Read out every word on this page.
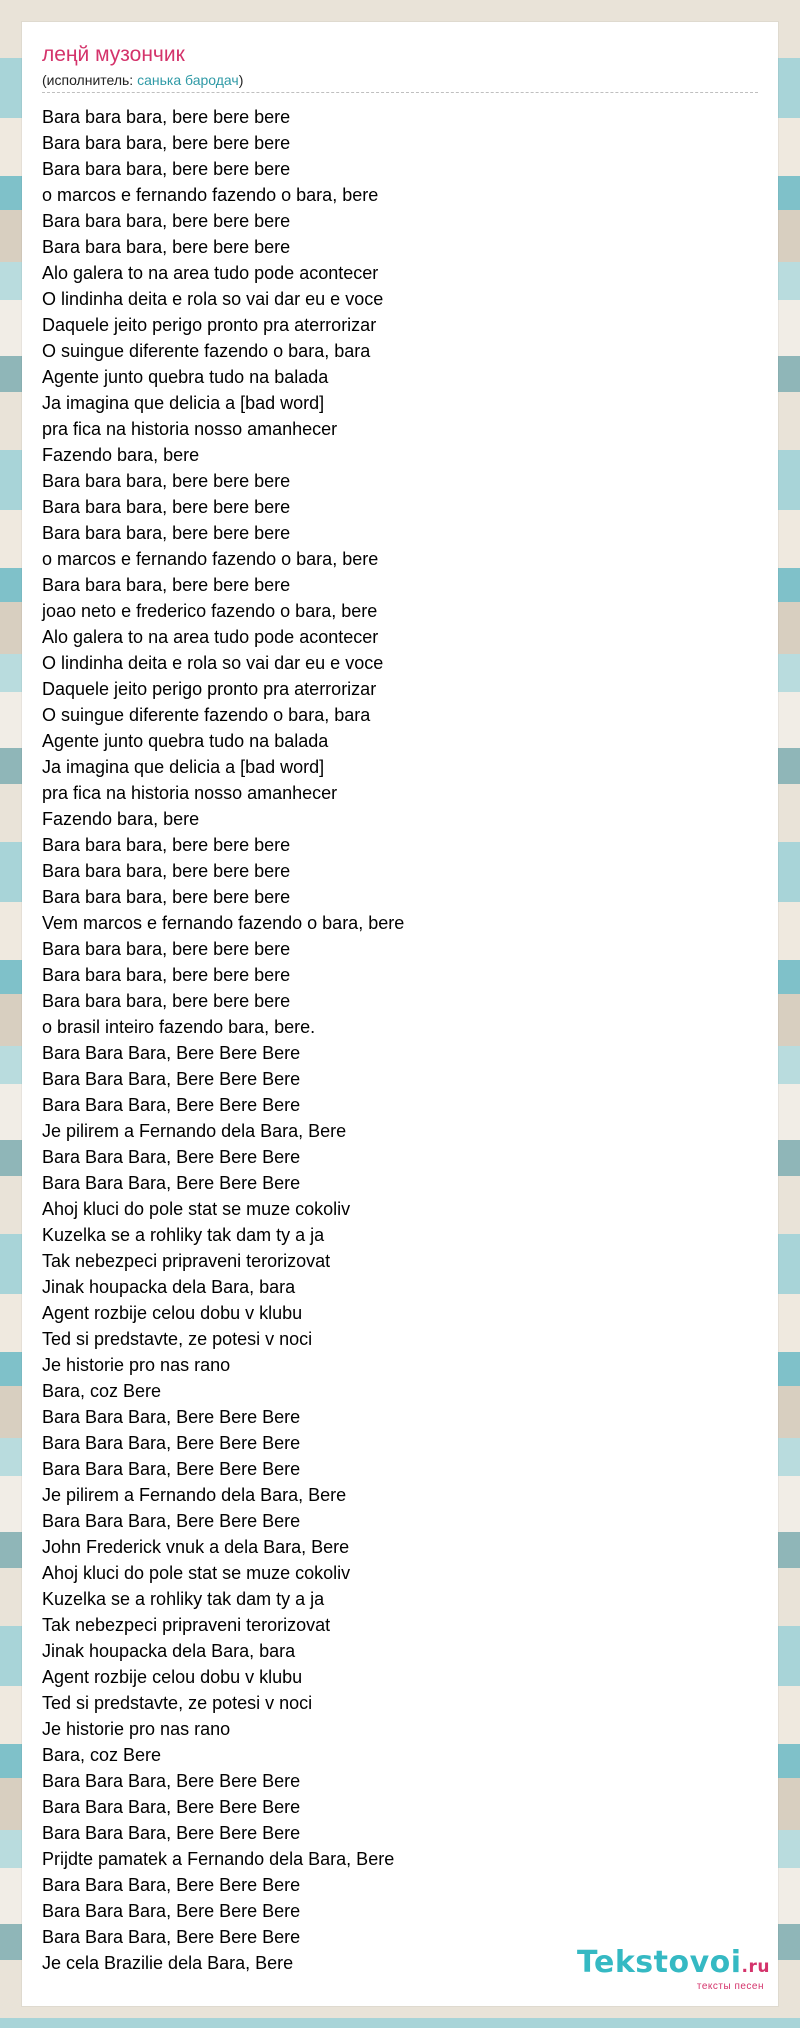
леңй музончик
(исполнитель: санька бародач)
Bara bara bara, bere bere bere
Bara bara bara, bere bere bere
Bara bara bara, bere bere bere
o marcos e fernando fazendo o bara, bere
Bara bara bara, bere bere bere
Bara bara bara, bere bere bere
Alo galera to na area tudo pode acontecer
O lindinha deita e rola so vai dar eu e voce
Daquele jeito perigo pronto pra aterrorizar
O suingue diferente fazendo o bara, bara
Agente junto quebra tudo na balada
Ja imagina que delicia a [bad word]
pra fica na historia nosso amanhecer
Fazendo bara, bere
Bara bara bara, bere bere bere
Bara bara bara, bere bere bere
Bara bara bara, bere bere bere
o marcos e fernando fazendo o bara, bere
Bara bara bara, bere bere bere
joao neto e frederico fazendo o bara, bere
Alo galera to na area tudo pode acontecer
O lindinha deita e rola so vai dar eu e voce
Daquele jeito perigo pronto pra aterrorizar
O suingue diferente fazendo o bara, bara
Agente junto quebra tudo na balada
Ja imagina que delicia a [bad word]
pra fica na historia nosso amanhecer
Fazendo bara, bere
Bara bara bara, bere bere bere
Bara bara bara, bere bere bere
Bara bara bara, bere bere bere
Vem marcos e fernando fazendo o bara, bere
Bara bara bara, bere bere bere
Bara bara bara, bere bere bere
Bara bara bara, bere bere bere
o brasil inteiro fazendo bara, bere.
Bara Bara Bara, Bere Bere Bere
Bara Bara Bara, Bere Bere Bere
Bara Bara Bara, Bere Bere Bere
Je pilirem a Fernando dela Bara, Bere
Bara Bara Bara, Bere Bere Bere
Bara Bara Bara, Bere Bere Bere
Ahoj kluci do pole stat se muze cokoliv
Kuzelka se a rohliky tak dam ty a ja
Tak nebezpeci pripraveni terorizovat
Jinak houpacka dela Bara, bara
Agent rozbije celou dobu v klubu
Ted si predstavte, ze potesi v noci
Je historie pro nas rano
Bara, coz Bere
Bara Bara Bara, Bere Bere Bere
Bara Bara Bara, Bere Bere Bere
Bara Bara Bara, Bere Bere Bere
Je pilirem a Fernando dela Bara, Bere
Bara Bara Bara, Bere Bere Bere
John Frederick vnuk a dela Bara, Bere
Ahoj kluci do pole stat se muze cokoliv
Kuzelka se a rohliky tak dam ty a ja
Tak nebezpeci pripraveni terorizovat
Jinak houpacka dela Bara, bara
Agent rozbije celou dobu v klubu
Ted si predstavte, ze potesi v noci
Je historie pro nas rano
Bara, coz Bere
Bara Bara Bara, Bere Bere Bere
Bara Bara Bara, Bere Bere Bere
Bara Bara Bara, Bere Bere Bere
Prijdte pamatek a Fernando dela Bara, Bere
Bara Bara Bara, Bere Bere Bere
Bara Bara Bara, Bere Bere Bere
Bara Bara Bara, Bere Bere Bere
Je cela Brazilie dela Bara, Bere	Tekstovoi.ru
тексты песен
